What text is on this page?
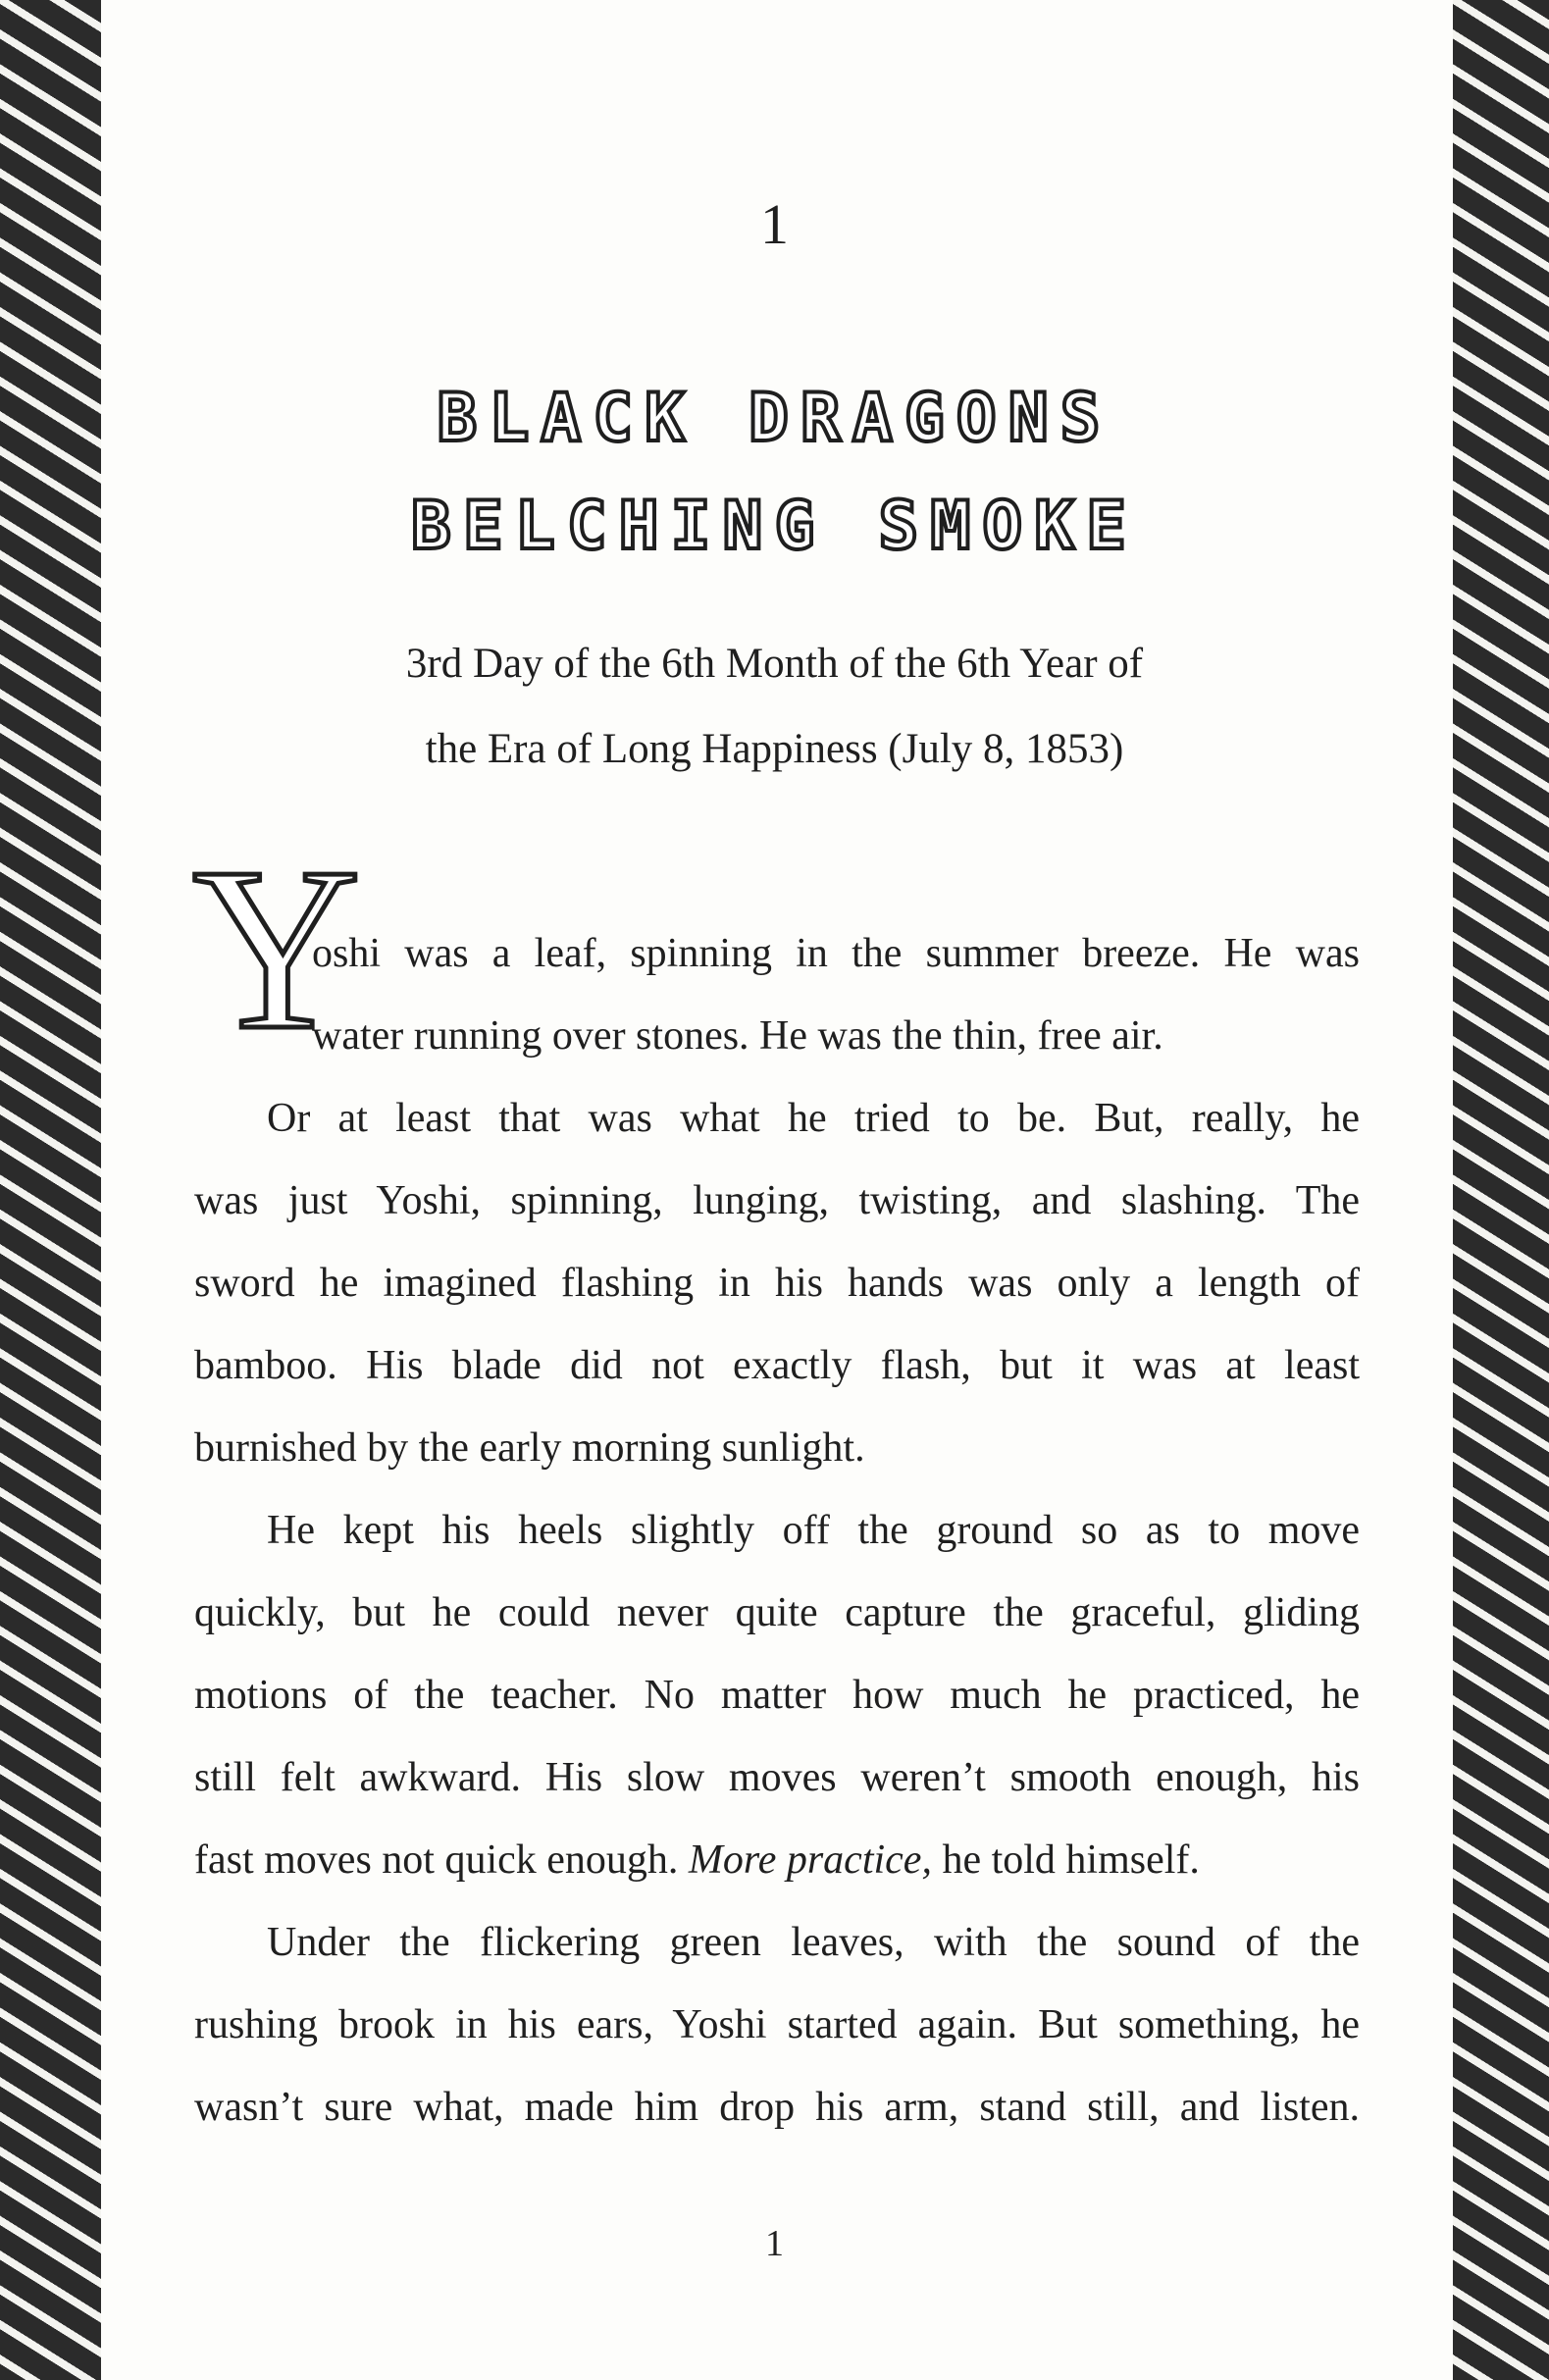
1
BLACK DRAGONS
BELCHING SMOKE
3rd Day of the 6th Month of the 6th Year of
the Era of Long Happiness (July 8, 1853)
Y
oshi was a leaf, spinning in the summer breeze. He was
water running over stones. He was the thin, free air.
Or at least that was what he tried to be. But, really, he
was just Yoshi, spinning, lunging, twisting, and slashing. The
sword he imagined flashing in his hands was only a length of
bamboo. His blade did not exactly flash, but it was at least
burnished by the early morning sunlight.
He kept his heels slightly off the ground so as to move
quickly, but he could never quite capture the graceful, gliding
motions of the teacher. No matter how much he practiced, he
still felt awkward. His slow moves weren’t smooth enough, his
fast moves not quick enough. More practice, he told himself.
Under the flickering green leaves, with the sound of the
rushing brook in his ears, Yoshi started again. But something, he
wasn’t sure what, made him drop his arm, stand still, and listen.
1
